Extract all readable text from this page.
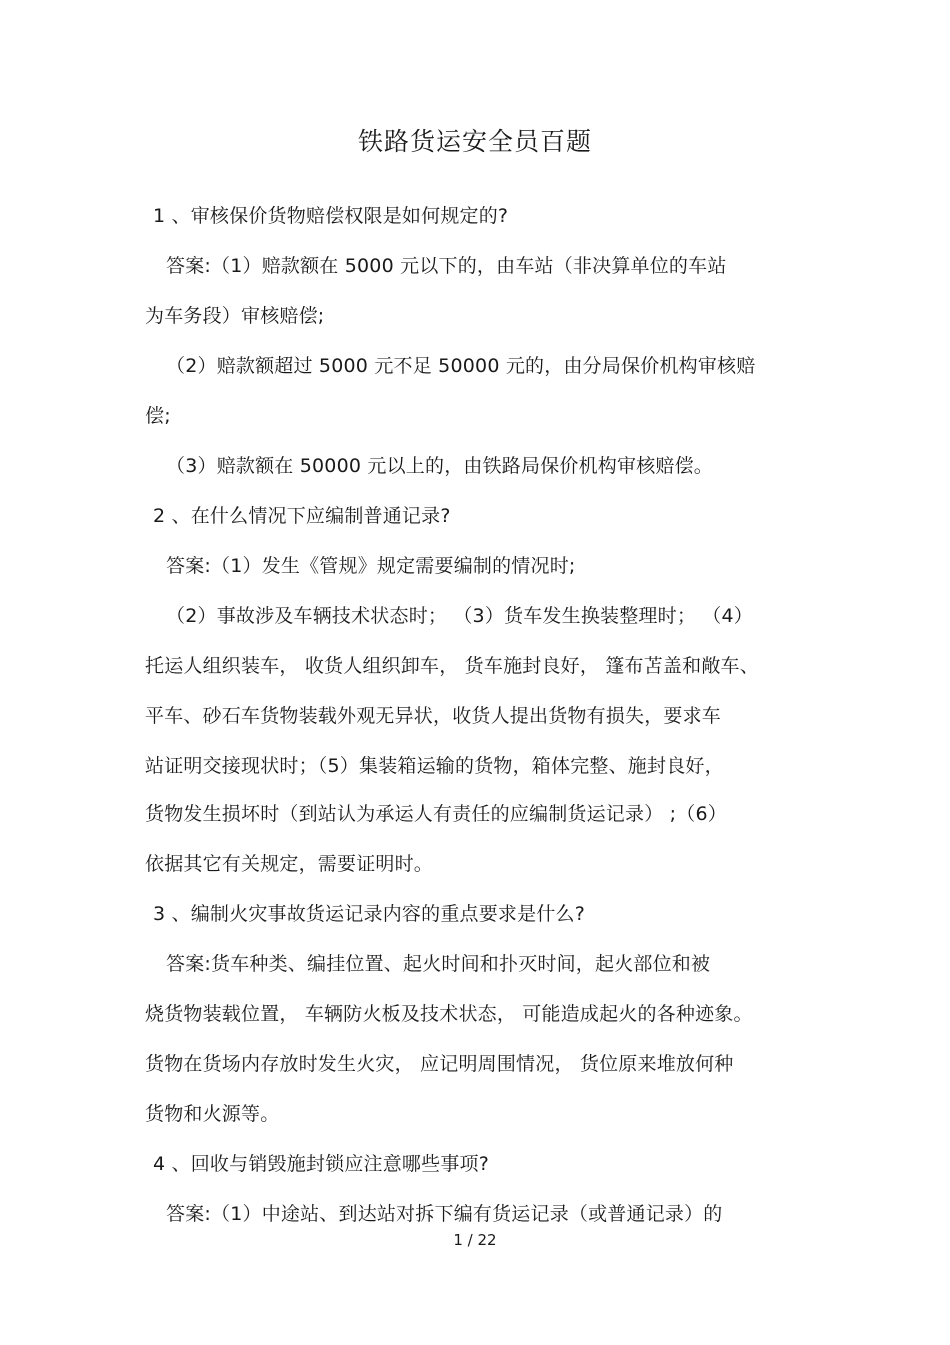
铁路货运安全员百题
1 、审核保价货物赔偿权限是如何规定的?
答案:（1）赔款额在 5000 元以下的，由车站（非决算单位的车站
为车务段）审核赔偿;
（2）赔款额超过 5000 元不足 50000 元的，由分局保价机构审核赔
偿;
（3）赔款额在 50000 元以上的，由铁路局保价机构审核赔偿。
2 、在什么情况下应编制普通记录?
答案:（1）发生《管规》规定需要编制的情况时;
（2）事故涉及车辆技术状态时； （3）货车发生换装整理时； （4）
托运人组织装车， 收货人组织卸车， 货车施封良好， 篷布苫盖和敞车、
平车、砂石车货物装载外观无异状，收货人提出货物有损失，要求车
站证明交接现状时；（5）集装箱运输的货物，箱体完整、施封良好，
货物发生损坏时（到站认为承运人有责任的应编制货运记录） ;（6）
依据其它有关规定，需要证明时。
3 、编制火灾事故货运记录内容的重点要求是什么?
答案:货车种类、编挂位置、起火时间和扑灭时间，起火部位和被
烧货物装载位置， 车辆防火板及技术状态， 可能造成起火的各种迹象。
货物在货场内存放时发生火灾， 应记明周围情况， 货位原来堆放何种
货物和火源等。
4 、回收与销毁施封锁应注意哪些事项?
答案:（1）中途站、到达站对拆下编有货运记录（或普通记录）的
1 / 22
